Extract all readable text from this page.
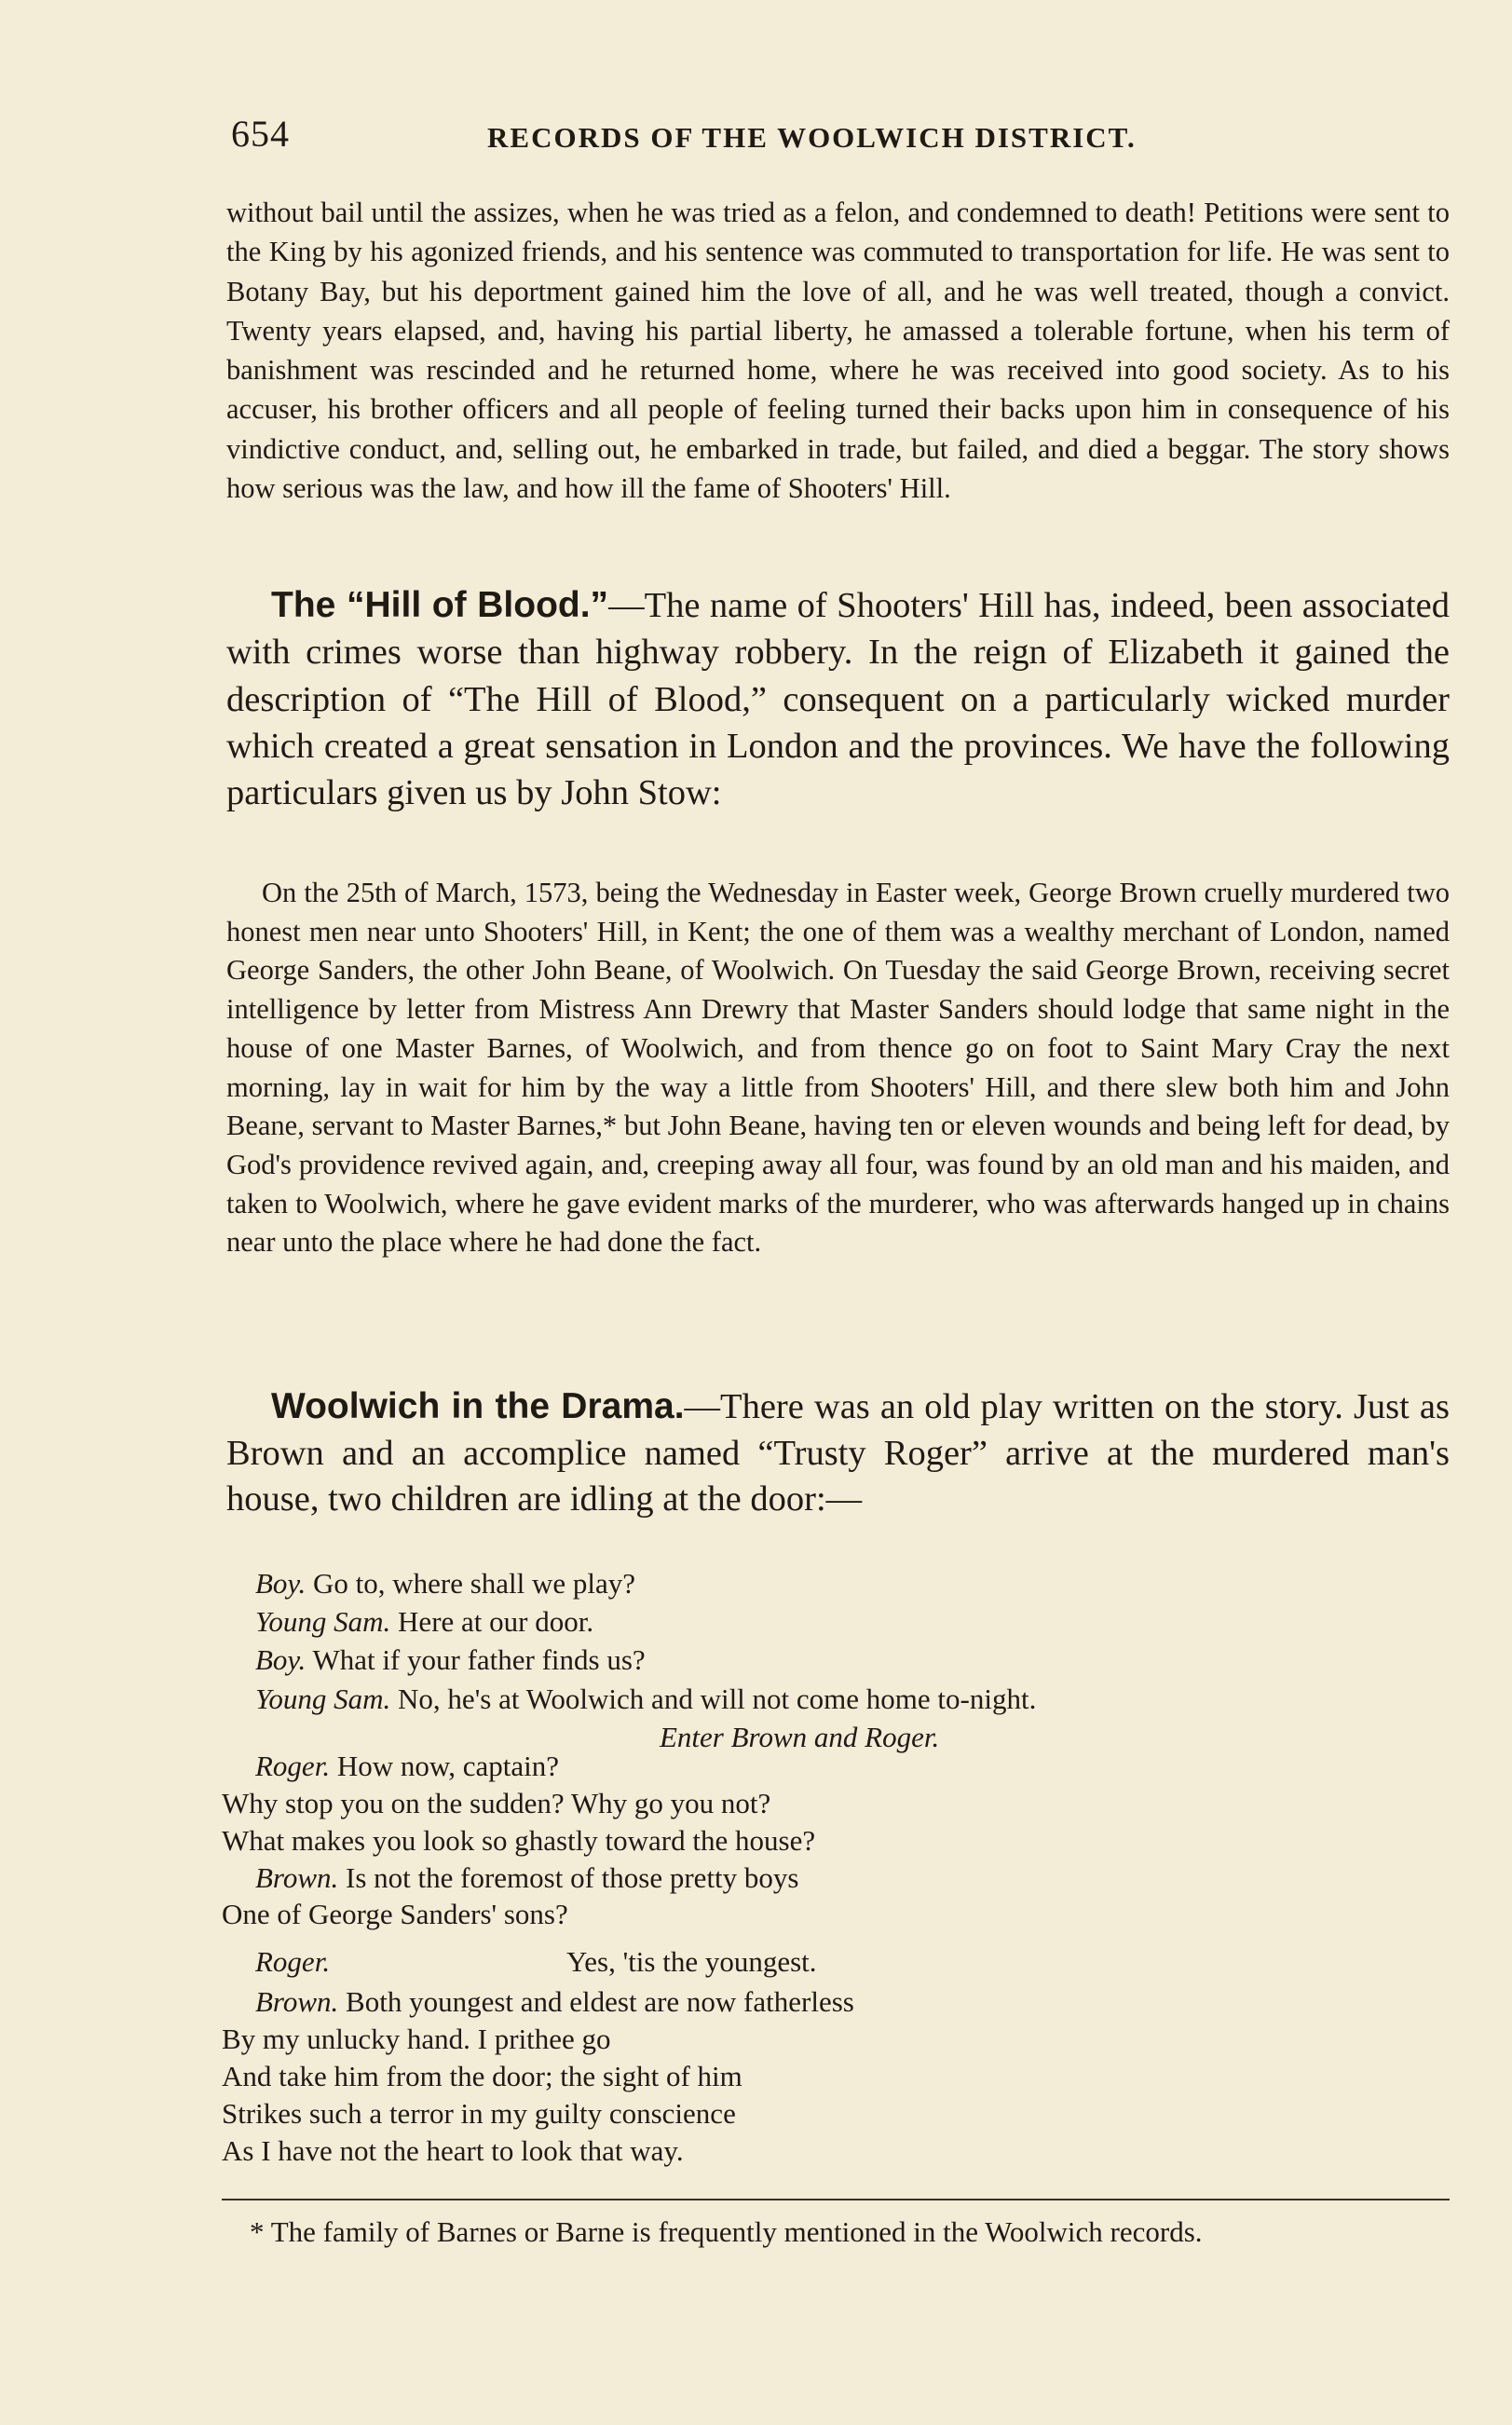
654	RECORDS OF THE WOOLWICH DISTRICT.

without bail until the assizes, when he was tried as a felon, and condemned to death! Petitions were sent to the King by his agonized friends, and his sentence was commuted to transportation for life. He was sent to Botany Bay, but his deportment gained him the love of all, and he was well treated, though a convict. Twenty years elapsed, and, having his partial liberty, he amassed a tolerable fortune, when his term of banishment was rescinded and he returned home, where he was received into good society. As to his accuser, his brother officers and all people of feeling turned their backs upon him in consequence of his vindictive conduct, and, selling out, he embarked in trade, but failed, and died a beggar. The story shows how serious was the law, and how ill the fame of Shooters' Hill.

The “Hill of Blood.”—The name of Shooters' Hill has, indeed, been associated with crimes worse than highway robbery. In the reign of Elizabeth it gained the description of “The Hill of Blood,” consequent on a particularly wicked murder which created a great sensation in London and the provinces. We have the following particulars given us by John Stow:

On the 25th of March, 1573, being the Wednesday in Easter week, George Brown cruelly murdered two honest men near unto Shooters' Hill, in Kent; the one of them was a wealthy merchant of London, named George Sanders, the other John Beane, of Woolwich. On Tuesday the said George Brown, receiving secret intelligence by letter from Mistress Ann Drewry that Master Sanders should lodge that same night in the house of one Master Barnes, of Woolwich, and from thence go on foot to Saint Mary Cray the next morning, lay in wait for him by the way a little from Shooters' Hill, and there slew both him and John Beane, servant to Master Barnes,* but John Beane, having ten or eleven wounds and being left for dead, by God's providence revived again, and, creeping away all four, was found by an old man and his maiden, and taken to Woolwich, where he gave evident marks of the murderer, who was afterwards hanged up in chains near unto the place where he had done the fact.

Woolwich in the Drama.—There was an old play written on the story. Just as Brown and an accomplice named “Trusty Roger” arrive at the murdered man's house, two children are idling at the door:—

Boy. Go to, where shall we play?
Young Sam. Here at our door.
Boy. What if your father finds us?
Young Sam. No, he's at Woolwich and will not come home to-night.
Enter Brown and Roger.
Roger. How now, captain?
Why stop you on the sudden? Why go you not?
What makes you look so ghastly toward the house?
Brown. Is not the foremost of those pretty boys
One of George Sanders' sons?
Roger.	Yes, 'tis the youngest.
Brown. Both youngest and eldest are now fatherless
By my unlucky hand. I prithee go
And take him from the door; the sight of him
Strikes such a terror in my guilty conscience
As I have not the heart to look that way.
* The family of Barnes or Barne is frequently mentioned in the Woolwich records.
